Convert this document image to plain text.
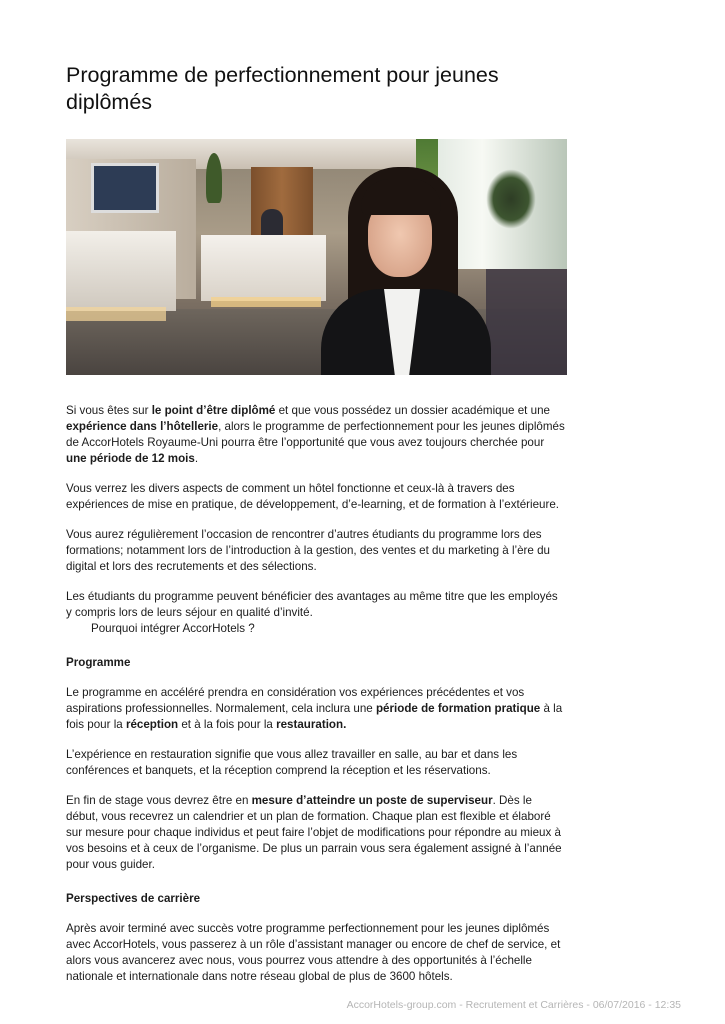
Programme de perfectionnement pour jeunes diplômés

Si vous êtes sur le point d’être diplômé et que vous possédez un dossier académique et une expérience dans l’hôtellerie, alors le programme de perfectionnement pour les jeunes diplômés de AccorHotels Royaume-Uni pourra être l’opportunité que vous avez toujours cherchée pour une période de 12 mois.

Vous verrez les divers aspects de comment un hôtel fonctionne et ceux-là à travers des expériences de mise en pratique, de développement, d’e-learning, et de formation à l’extérieure.

Vous aurez régulièrement l’occasion de rencontrer d’autres étudiants du programme lors des formations; notamment lors de l’introduction à la gestion, des ventes et du marketing à l’ère du digital et lors des recrutements et des sélections.

Les étudiants du programme peuvent bénéficier des avantages au même titre que les employés y compris lors de leurs séjour en qualité d’invité.

Pourquoi intégrer AccorHotels ?

Programme

Le programme en accéléré prendra en considération vos expériences précédentes et vos aspirations professionnelles. Normalement, cela inclura une période de formation pratique à la fois pour la réception et à la fois pour la restauration.

L’expérience en restauration signifie que vous allez travailler en salle, au bar et dans les conférences et banquets, et la réception comprend la réception et les réservations.

En fin de stage vous devrez être en mesure d’atteindre un poste de superviseur. Dès le début, vous recevrez un calendrier et un plan de formation. Chaque plan est flexible et élaboré sur mesure pour chaque individus et peut faire l’objet de modifications pour répondre au mieux à vos besoins et à ceux de l’organisme. De plus un parrain vous sera également assigné à l’année pour vous guider.

Perspectives de carrière

Après avoir terminé avec succès votre programme perfectionnement pour les jeunes diplômés avec AccorHotels, vous passerez à un rôle d’assistant manager ou encore de chef de service, et alors vous avancerez avec nous, vous pourrez vous attendre à des opportunités à l’échelle nationale et internationale dans notre réseau global de plus de 3600 hôtels.

AccorHotels-group.com - Recrutement et Carrières - 06/07/2016 - 12:35
